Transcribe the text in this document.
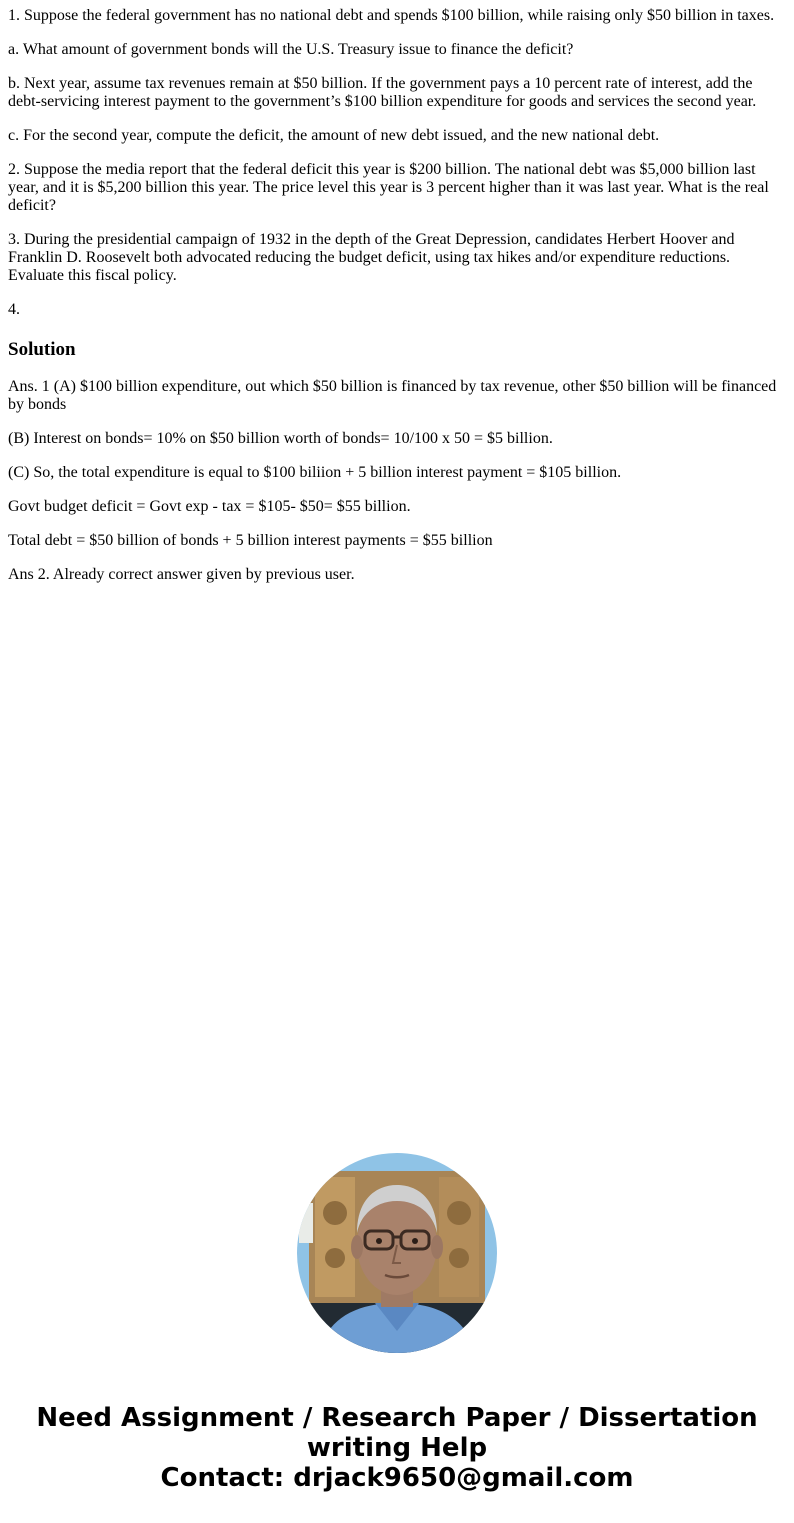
1. Suppose the federal government has no national debt and spends $100 billion, while raising only $50 billion in taxes.

a. What amount of government bonds will the U.S. Treasury issue to finance the deficit?

b. Next year, assume tax revenues remain at $50 billion. If the government pays a 10 percent rate of interest, add the debt-servicing interest payment to the government’s $100 billion expenditure for goods and services the second year.

c. For the second year, compute the deficit, the amount of new debt issued, and the new national debt.

2. Suppose the media report that the federal deficit this year is $200 billion. The national debt was $5,000 billion last year, and it is $5,200 billion this year. The price level this year is 3 percent higher than it was last year. What is the real deficit?

3. During the presidential campaign of 1932 in the depth of the Great Depression, candidates Herbert Hoover and Franklin D. Roosevelt both advocated reducing the budget deficit, using tax hikes and/or expenditure reductions. Evaluate this fiscal policy.

4.

Solution

Ans. 1 (A) $100 billion expenditure, out which $50 billion is financed by tax revenue, other $50 billion will be financed by bonds

(B) Interest on bonds= 10% on $50 billion worth of bonds= 10/100 x 50 = $5 billion.

(C) So, the total expenditure is equal to $100 biliion + 5 billion interest payment = $105 billion.

Govt budget deficit = Govt exp - tax = $105- $50= $55 billion.

Total debt = $50 billion of bonds + 5 billion interest payments = $55 billion

Ans 2. Already correct answer given by previous user.

Need Assignment / Research Paper / Dissertation
writing Help
Contact: drjack9650@gmail.com
